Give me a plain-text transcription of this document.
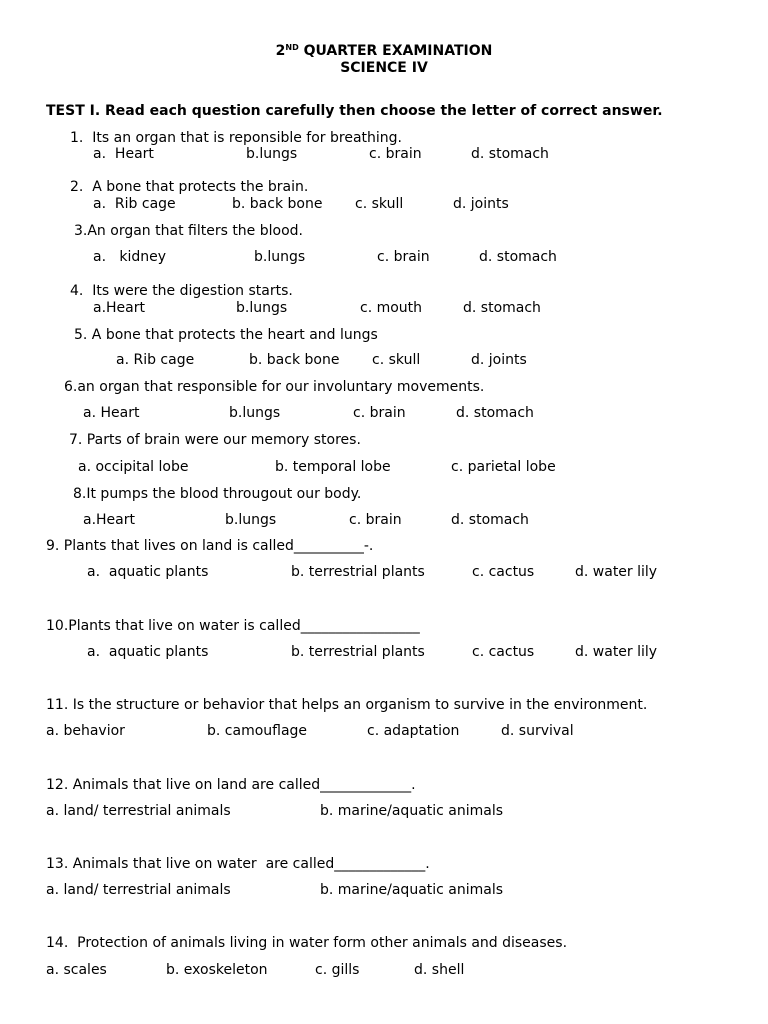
2ND QUARTER EXAMINATION
SCIENCE IV
TEST I. Read each question carefully then choose the letter of correct answer.
1.  Its an organ that is reponsible for breathing.
a.  Heart	b.lungs	c. brain	d. stomach
2.  A bone that protects the brain.
a.  Rib cage	b. back bone c. skull	d. joints
3.An organ that filters the blood.
a.   kidney	b.lungs	c. brain	d. stomach
4.  Its were the digestion starts.
a.Heart	b.lungs	c. mouth	d. stomach
5. A bone that protects the heart and lungs
a. Rib cage	b. back bone c. skull	d. joints
6.an organ that responsible for our involuntary movements.
a. Heart	b.lungs	c. brain	d. stomach
7. Parts of brain were our memory stores.
a. occipital lobe	b. temporal lobe	c. parietal lobe
8.It pumps the blood througout our body.
a.Heart	b.lungs	c. brain	d. stomach
9. Plants that lives on land is called__________-.
a.  aquatic plants	b. terrestrial plants	c. cactus	d. water lily
10.Plants that live on water is called_________________
a.  aquatic plants	b. terrestrial plants	c. cactus	d. water lily
11. Is the structure or behavior that helps an organism to survive in the environment.
a. behavior	b. camouflage	c. adaptation	d. survival
12. Animals that live on land are called_____________.
a. land/ terrestrial animals	b. marine/aquatic animals
13. Animals that live on water  are called_____________.
a. land/ terrestrial animals	b. marine/aquatic animals
14.  Protection of animals living in water form other animals and diseases.
a. scales	b. exoskeleton	c. gills	d. shell
